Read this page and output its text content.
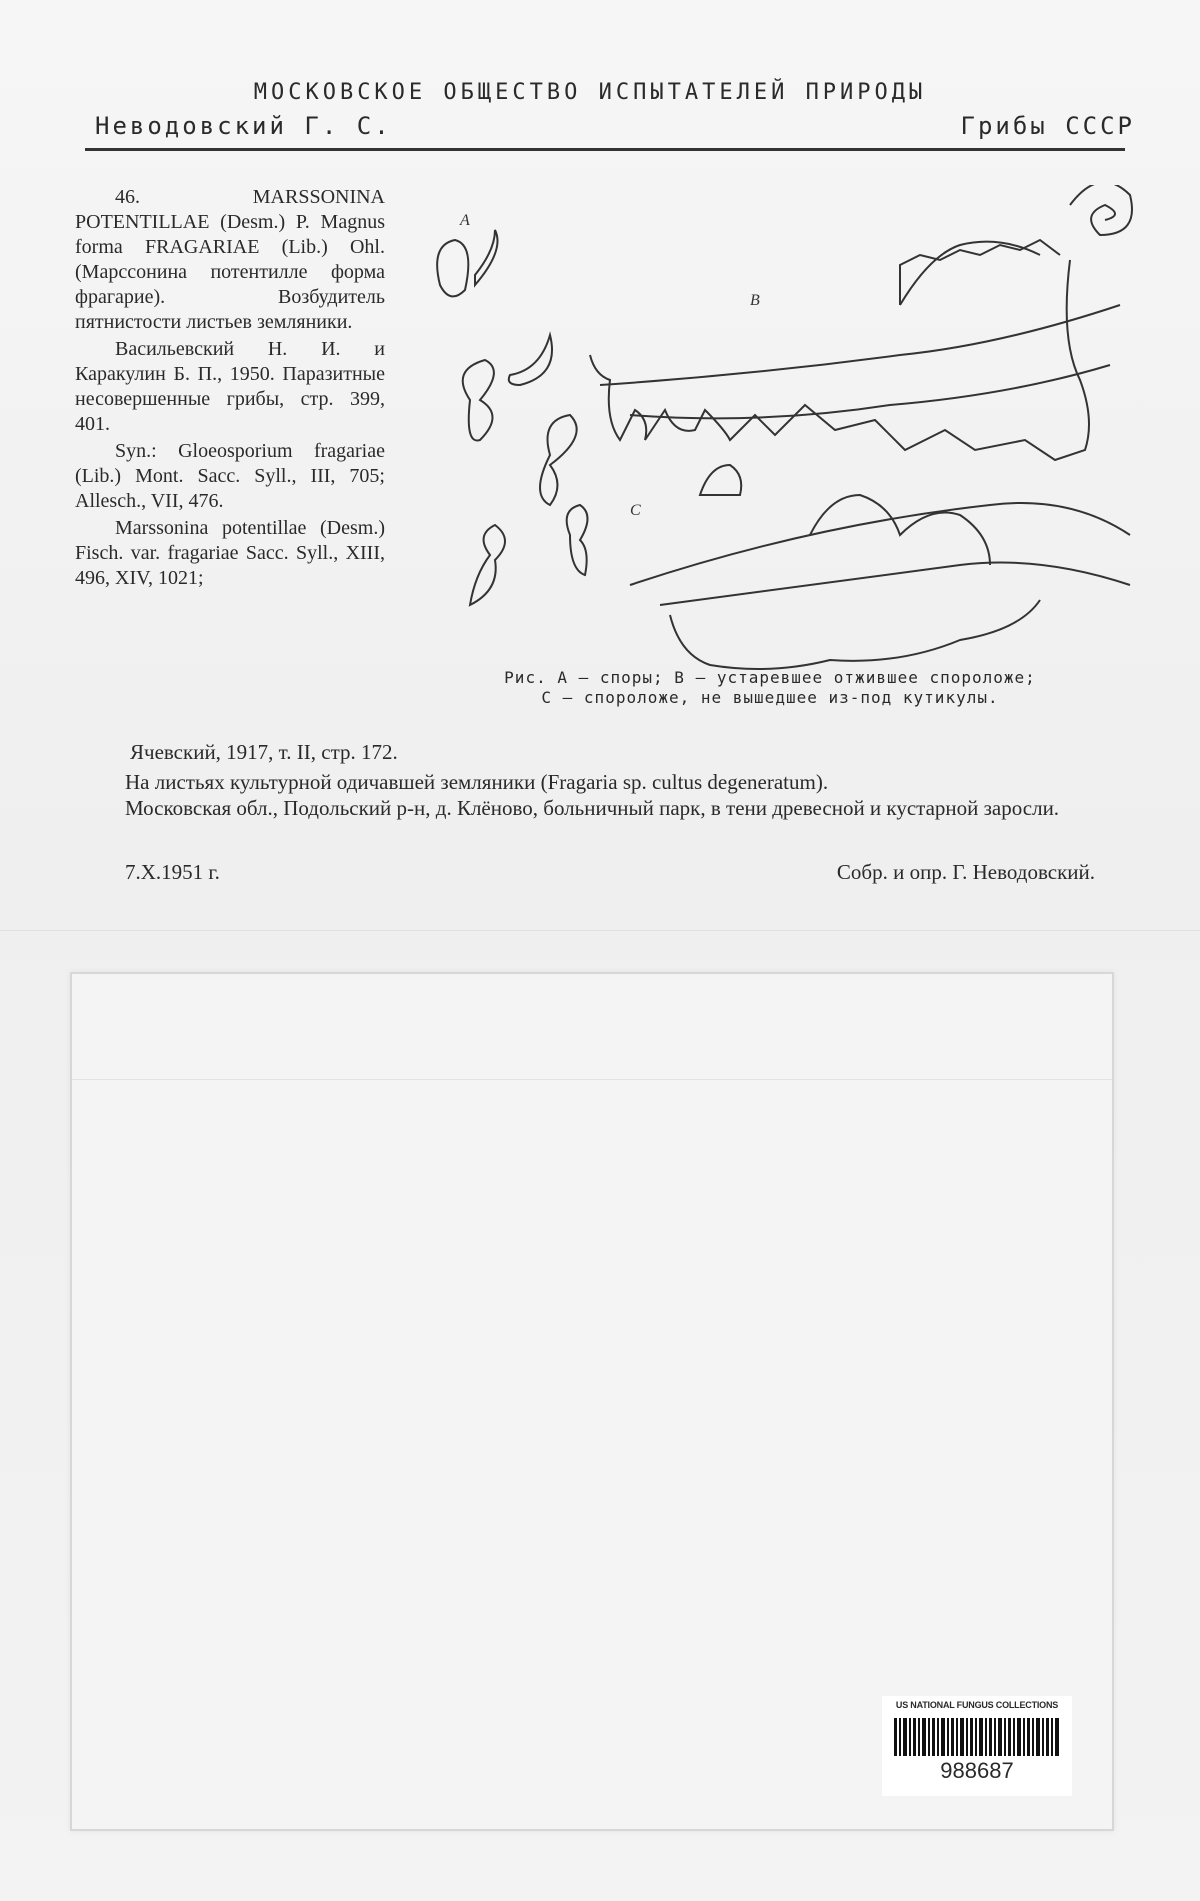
МОСКОВСКОЕ ОБЩЕСТВО ИСПЫТАТЕЛЕЙ ПРИРОДЫ
Неводовский Г. С.	Грибы СССР

46. MARSSONINA POTENTILLAE (Desm.) P. Magnus forma FRAGARIAE (Lib.) Ohl. (Марссонина потентилле форма фрагарие). Возбудитель пятнистости листьев земляники.

Васильевский Н. И. и Каракулин Б. П., 1950. Паразитные несовершенные грибы, стр. 399, 401.

Syn.: Gloeosporium fragariae (Lib.) Mont. Sacc. Syll., III, 705; Allesch., VII, 476.

Marssonina potentillae (Desm.) Fisch. var. fragariae Sacc. Syll., XIII, 496, XIV, 1021;

A
B
C
Рис. А — споры; В — устаревшее отжившее спороложе;
С — спороложе, не вышедшее из-под кутикулы.
Ячевский, 1917, т. II, стр. 172.
На листьях культурной одичавшей земляники (Fragaria sp. cultus degeneratum).
Московская обл., Подольский р-н, д. Клёново, больничный парк, в тени древесной и кустарной заросли.
7.X.1951 г.	Собр. и опр. Г. Неводовский.
US NATIONAL FUNGUS COLLECTIONS
988687
